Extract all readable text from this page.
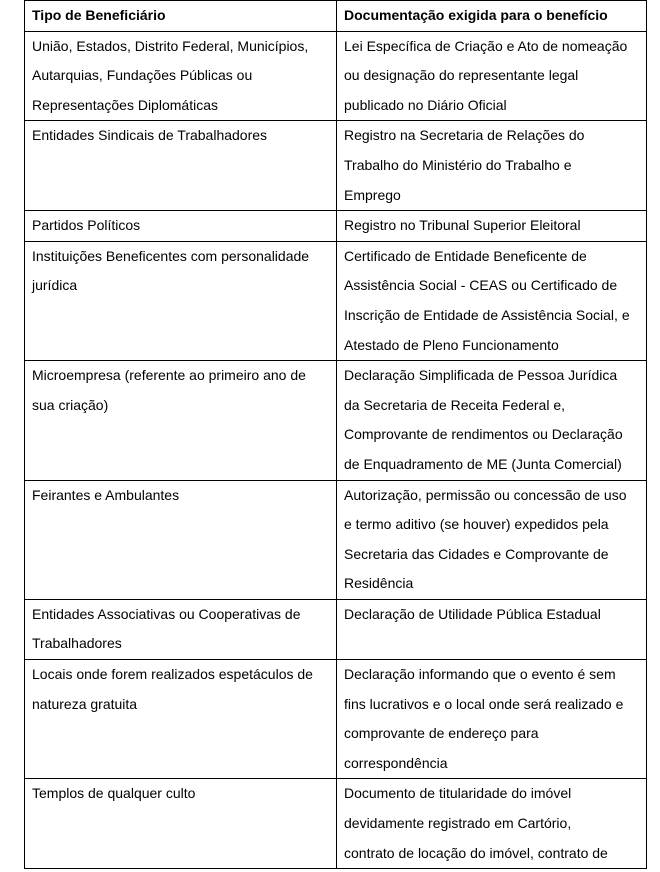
Tipo de Beneficiário	Documentação exigida para o benefício

União, Estados, Distrito Federal, Municípios,
Autarquias, Fundações Públicas ou
Representações Diplomáticas	Lei Específica de Criação e Ato de nomeação
ou designação do representante legal
publicado no Diário Oficial

Entidades Sindicais de Trabalhadores	Registro na Secretaria de Relações do
Trabalho do Ministério do Trabalho e
Emprego

Partidos Políticos	Registro no Tribunal Superior Eleitoral

Instituições Beneficentes com personalidade
jurídica	Certificado de Entidade Beneficente de
Assistência Social - CEAS ou Certificado de
Inscrição de Entidade de Assistência Social, e
Atestado de Pleno Funcionamento

Microempresa (referente ao primeiro ano de
sua criação)	Declaração Simplificada de Pessoa Jurídica
da Secretaria de Receita Federal e,
Comprovante de rendimentos ou Declaração
de Enquadramento de ME (Junta Comercial)

Feirantes e Ambulantes	Autorização, permissão ou concessão de uso
e termo aditivo (se houver) expedidos pela
Secretaria das Cidades e Comprovante de
Residência

Entidades Associativas ou Cooperativas de
Trabalhadores	Declaração de Utilidade Pública Estadual

Locais onde forem realizados espetáculos de
natureza gratuita	Declaração informando que o evento é sem
fins lucrativos e o local onde será realizado e
comprovante de endereço para
correspondência

Templos de qualquer culto	Documento de titularidade do imóvel
devidamente registrado em Cartório,
contrato de locação do imóvel, contrato de
